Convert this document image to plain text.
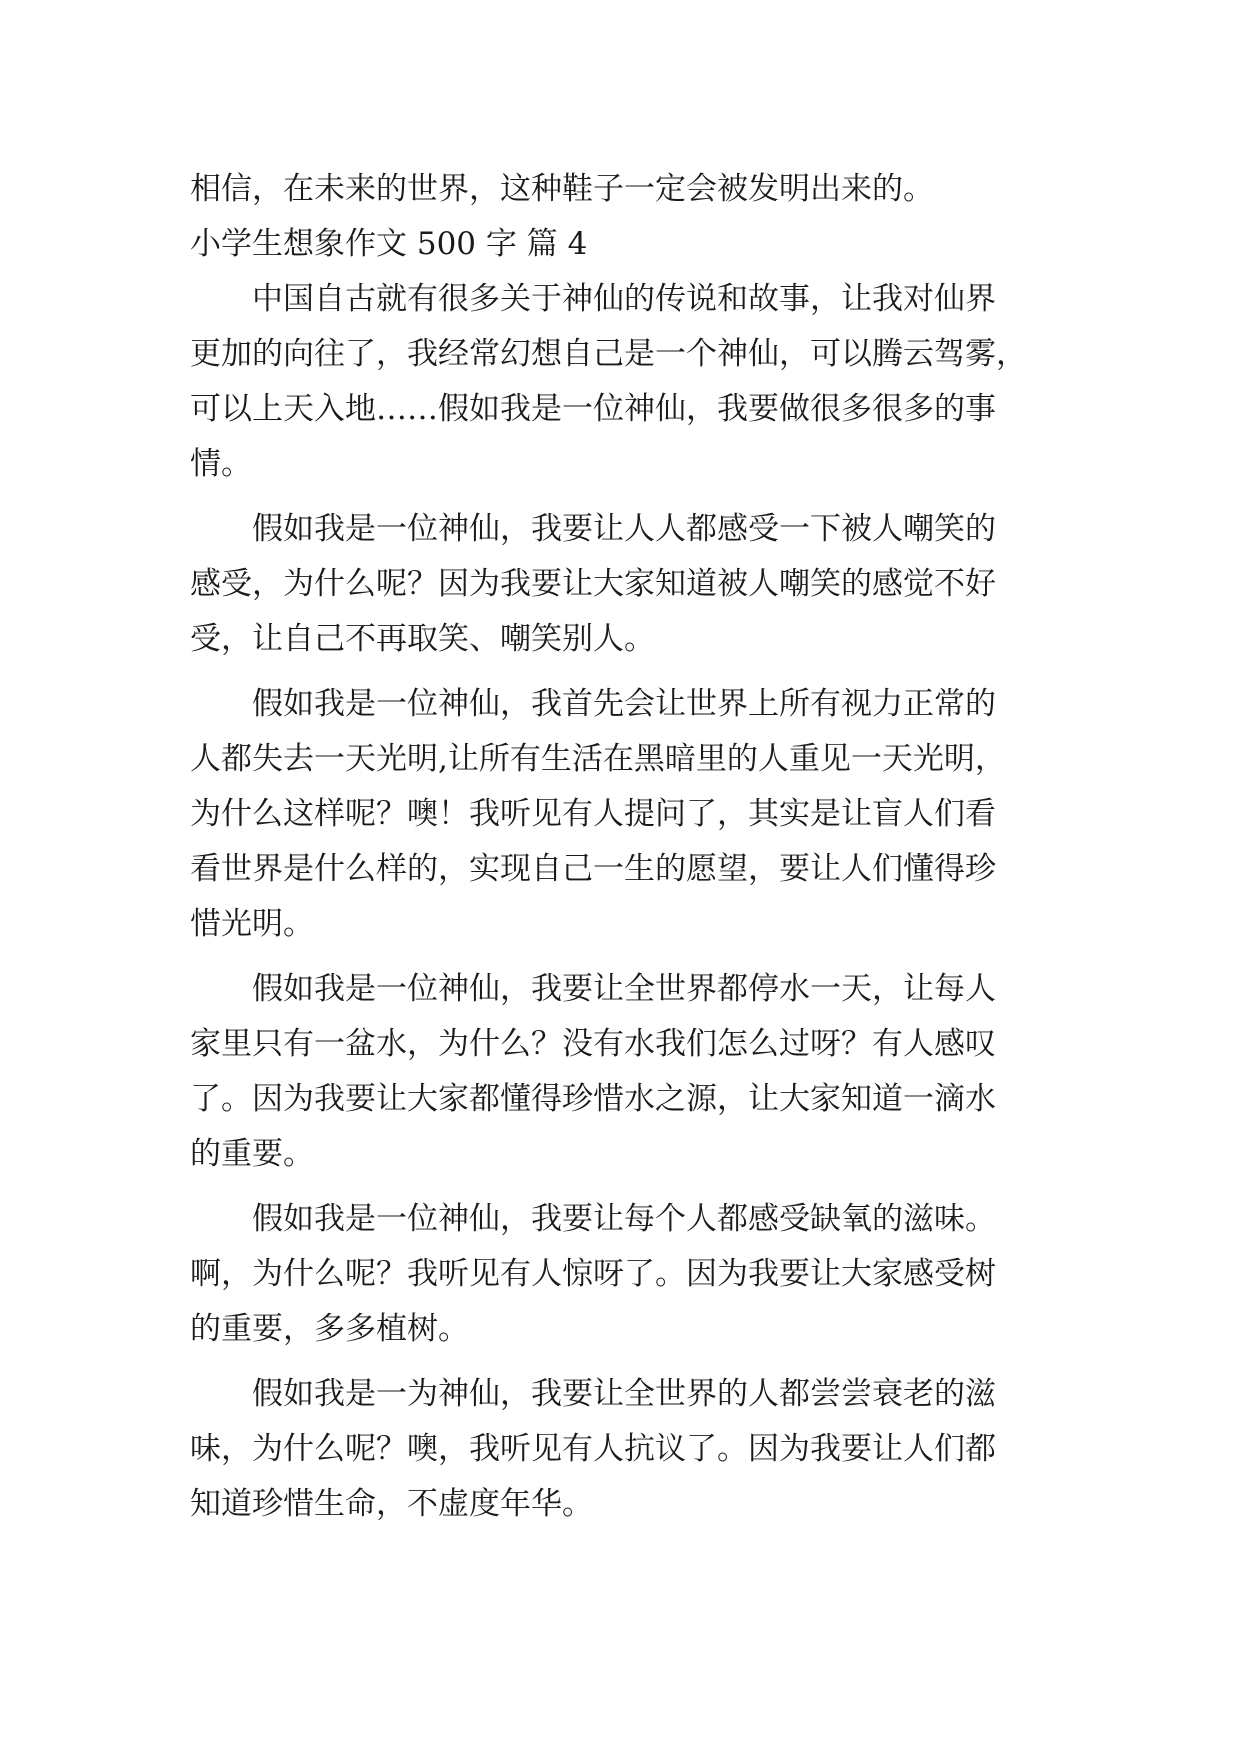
相信，在未来的世界，这种鞋子一定会被发明出来的。
小学生想象作文 500 字 篇 4
中国自古就有很多关于神仙的传说和故事，让我对仙界
更加的向往了，我经常幻想自己是一个神仙，可以腾云驾雾，
可以上天入地……假如我是一位神仙，我要做很多很多的事
情。
假如我是一位神仙，我要让人人都感受一下被人嘲笑的
感受，为什么呢？因为我要让大家知道被人嘲笑的感觉不好
受，让自己不再取笑、嘲笑别人。
假如我是一位神仙，我首先会让世界上所有视力正常的
人都失去一天光明,让所有生活在黑暗里的人重见一天光明，
为什么这样呢？噢！我听见有人提问了，其实是让盲人们看
看世界是什么样的，实现自己一生的愿望，要让人们懂得珍
惜光明。
假如我是一位神仙，我要让全世界都停水一天，让每人
家里只有一盆水，为什么？没有水我们怎么过呀？有人感叹
了。因为我要让大家都懂得珍惜水之源，让大家知道一滴水
的重要。
假如我是一位神仙，我要让每个人都感受缺氧的滋味。
啊，为什么呢？我听见有人惊呀了。因为我要让大家感受树
的重要，多多植树。
假如我是一为神仙，我要让全世界的人都尝尝衰老的滋
味，为什么呢？噢，我听见有人抗议了。因为我要让人们都
知道珍惜生命，不虚度年华。
